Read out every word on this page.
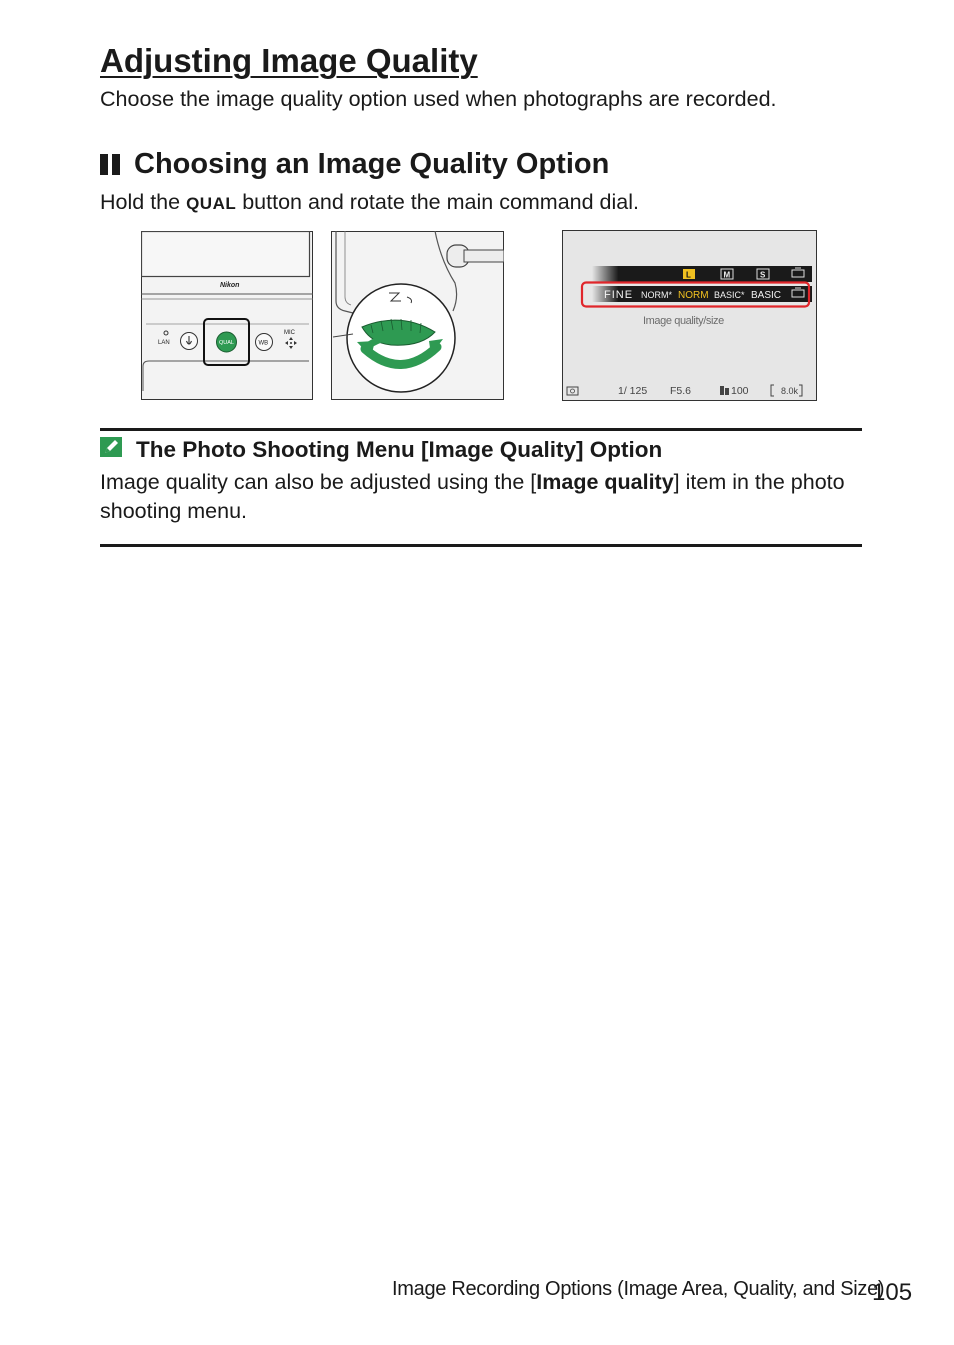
Adjusting Image Quality

Choose the image quality option used when photographs are recorded.

Choosing an Image Quality Option

Hold the QUAL button and rotate the main command dial.

Nikon
LAN	QUAL	WB
MIC
L	M	S
FINE NORM* NORM BASIC* BASIC
Image quality/size
1/ 125 F5.6	100	8.0k

The Photo Shooting Menu [Image Quality] Option

Image quality can also be adjusted using the [Image quality] item in the photo shooting menu.

Image Recording Options (Image Area, Quality, and Size)
105
